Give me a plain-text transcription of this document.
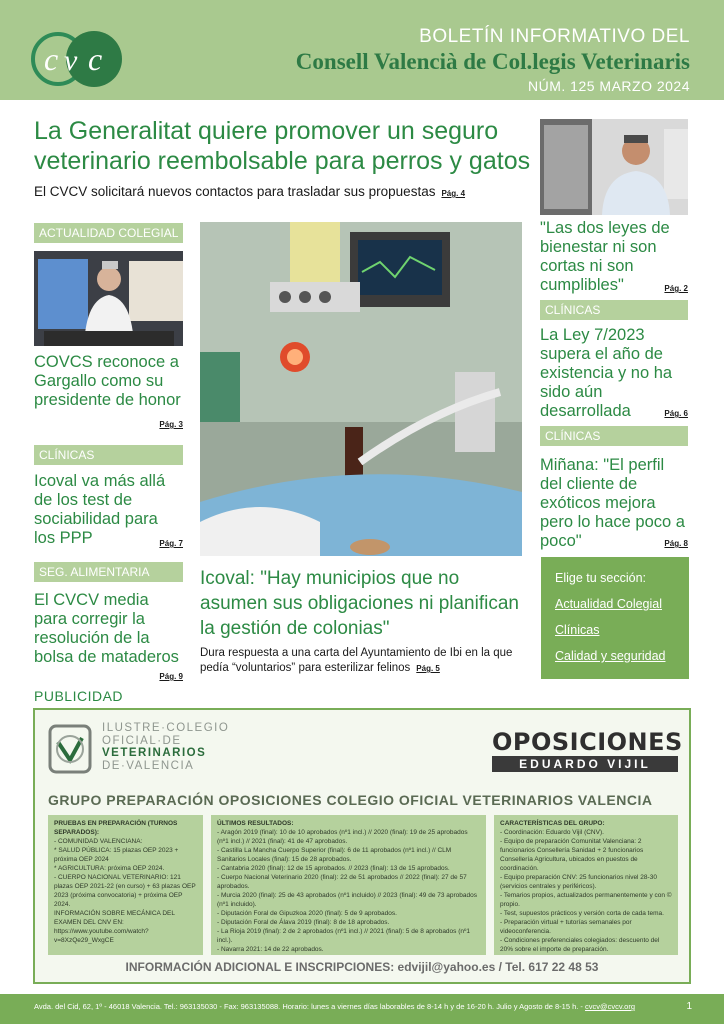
c v c
BOLETÍN INFORMATIVO DEL
Consell Valencià de Col.legis Veterinaris
NÚM. 125 MARZO 2024
La Generalitat quiere promover un seguro veterinario reembolsable para perros y gatos
El CVCV solicitará nuevos contactos para trasladar sus propuestas Pág. 4
ACTUALIDAD COLEGIAL
COVCS reconoce a Gargallo como su presidente de honor
Pág. 3
CLÍNICAS
Icoval va más allá de los test de sociabilidad para los PPP	Pág. 7
SEG. ALIMENTARIA
El CVCV media para corregir la resolución de la bolsa de mataderos
Pág. 9
Icoval: "Hay municipios que no asumen sus obligaciones ni planifican la gestión de colonias"
Dura respuesta a una carta del Ayuntamiento de Ibi en la que pedía “voluntarios” para esterilizar felinos Pág. 5
"Las dos leyes de bienestar ni son cortas ni son cumplibles"	Pág. 2
CLÍNICAS
La Ley 7/2023 supera el año de existencia y no ha sido aún desarrollada	Pág. 6
CLÍNICAS
Miñana: "El perfil del cliente de exóticos mejora pero lo hace poco a poco"	Pág. 8
Elige tu sección:
Actualidad Colegial
Clínicas
Calidad y seguridad
PUBLICIDAD
ILUSTRE·COLEGIO
OFICIAL·DE
VETERINARIOS
DE·VALENCIA
OPOSICIONES
EDUARDO VIJIL
GRUPO PREPARACIÓN OPOSICIONES COLEGIO OFICIAL VETERINARIOS VALENCIA
PRUEBAS EN PREPARACIÓN (TURNOS SEPARADOS):
- COMUNIDAD VALENCIANA:
* SALUD PÚBLICA: 15 plazas OEP 2023 + próxima OEP 2024
* AGRICULTURA: próxima OEP 2024.
- CUERPO NACIONAL VETERINARIO: 121 plazas OEP 2021-22 (en curso) + 63 plazas OEP 2023 (próxima convocatoria) + próxima OEP 2024.
INFORMACIÓN SOBRE MECÁNICA DEL EXAMEN DEL CNV EN:
https://www.youtube.com/watch?v=8XzQe29_WxgCE
ÚLTIMOS RESULTADOS:
- Aragón 2019 (final): 10 de 10 aprobados (nº1 incl.) // 2020 (final): 19 de 25 aprobados (nº1 incl.) // 2021 (final): 41 de 47 aprobados.
- Castilla La Mancha Cuerpo Superior (final): 6 de 11 aprobados (nº1 incl.) // CLM Sanitarios Locales (final): 15 de 28 aprobados.
- Cantabria 2020 (final): 12 de 15 aprobados. // 2023 (final): 13 de 15 aprobados.
- Cuerpo Nacional Veterinario 2020 (final): 22 de 51 aprobados // 2022 (final): 27 de 57 aprobados.
- Murcia 2020 (final): 25 de 43 aprobados (nº1 incluido) // 2023 (final): 49 de 73 aprobados (nº1 incluido).
- Diputación Foral de Gipuzkoa 2020 (final): 5 de 9 aprobados.
- Diputación Foral de Álava 2019 (final): 8 de 18 aprobados.
- La Rioja 2019 (final): 2 de 2 aprobados (nº1 incl.) // 2021 (final): 5 de 8 aprobados (nº1 incl.).
- Navarra 2021: 14 de 22 aprobados.
CARACTERÍSTICAS DEL GRUPO:
- Coordinación: Eduardo Vijil (CNV).
- Equipo de preparación Comunitat Valenciana: 2 funcionarios Consellería Sanidad + 2 funcionarios Consellería Agricultura, ubicados en puestos de coordinación.
- Equipo preparación CNV: 25 funcionarios nivel 28-30 (servicios centrales y periféricos).
- Temarios propios, actualizados permanentemente y con © propio.
- Test, supuestos prácticos y versión corta de cada tema.
- Preparación virtual + tutorías semanales por videoconferencia.
- Condiciones preferenciales colegiados: descuento del 20% sobre el importe de preparación.
INFORMACIÓN ADICIONAL E INSCRIPCIONES: edvijil@yahoo.es / Tel. 617 22 48 53
Avda. del Cid, 62, 1º - 46018 Valencia. Tel.: 963135030 - Fax: 963135088. Horario: lunes a viernes días laborables de 8-14 h y de 16-20 h. Julio y Agosto de 8-15 h. - cvcv@cvcv.org	1
